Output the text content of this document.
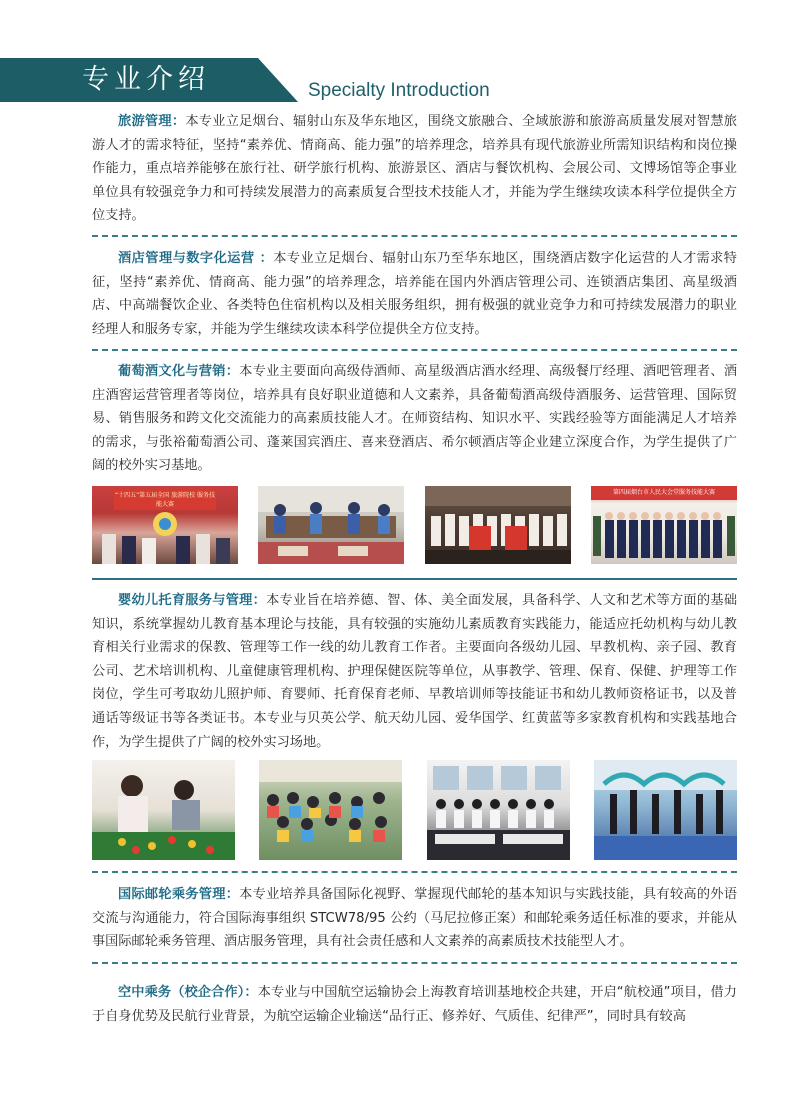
专业介绍	Specialty Introduction

旅游管理：本专业立足烟台、辐射山东及华东地区，围绕文旅融合、全域旅游和旅游高质量发展对智慧旅游人才的需求特征，坚持“素养优、情商高、能力强”的培养理念，培养具有现代旅游业所需知识结构和岗位操作能力，重点培养能够在旅行社、研学旅行机构、旅游景区、酒店与餐饮机构、会展公司、文博场馆等企事业单位具有较强竞争力和可持续发展潜力的高素质复合型技术技能人才，并能为学生继续攻读本科学位提供全方位支持。

酒店管理与数字化运营 ：本专业立足烟台、辐射山东乃至华东地区，围绕酒店数字化运营的人才需求特征，坚持“素养优、情商高、能力强”的培养理念，培养能在国内外酒店管理公司、连锁酒店集团、高星级酒店、中高端餐饮企业、各类特色住宿机构以及相关服务组织，拥有极强的就业竞争力和可持续发展潜力的职业经理人和服务专家，并能为学生继续攻读本科学位提供全方位支持。

葡萄酒文化与营销：本专业主要面向高级侍酒师、高星级酒店酒水经理、高级餐厅经理、酒吧管理者、酒庄酒窖运营管理者等岗位，培养具有良好职业道德和人文素养，具备葡萄酒高级侍酒服务、运营管理、国际贸易、销售服务和跨文化交流能力的高素质技能人才。在师资结构、知识水平、实践经验等方面能满足人才培养的需求，与张裕葡萄酒公司、蓬莱国宾酒庄、喜来登酒店、希尔顿酒店等企业建立深度合作，为学生提供了广阔的校外实习基地。

“十四五”第五届全国 旅游院校 服务技能大赛
第四届烟台市人民大会堂服务技能大赛

婴幼儿托育服务与管理：本专业旨在培养德、智、体、美全面发展，具备科学、人文和艺术等方面的基础知识，系统掌握幼儿教育基本理论与技能，具有较强的实施幼儿素质教育实践能力，能适应托幼机构与幼儿教育相关行业需求的保教、管理等工作一线的幼儿教育工作者。主要面向各级幼儿园、早教机构、亲子园、教育公司、艺术培训机构、儿童健康管理机构、护理保健医院等单位，从事教学、管理、保育、保健、护理等工作岗位，学生可考取幼儿照护师、育婴师、托育保育老师、早教培训师等技能证书和幼儿教师资格证书，以及普通话等级证书等各类证书。本专业与贝英公学、航天幼儿园、爱华国学、红黄蓝等多家教育机构和实践基地合作，为学生提供了广阔的校外实习场地。

国际邮轮乘务管理：本专业培养具备国际化视野、掌握现代邮轮的基本知识与实践技能，具有较高的外语交流与沟通能力，符合国际海事组织 STCW78/95 公约（马尼拉修正案）和邮轮乘务适任标准的要求，并能从事国际邮轮乘务管理、酒店服务管理，具有社会责任感和人文素养的高素质技术技能型人才。

空中乘务（校企合作）：本专业与中国航空运输协会上海教育培训基地校企共建，开启“航校通”项目，借力于自身优势及民航行业背景，为航空运输企业输送“品行正、修养好、气质佳、纪律严”，同时具有较高
